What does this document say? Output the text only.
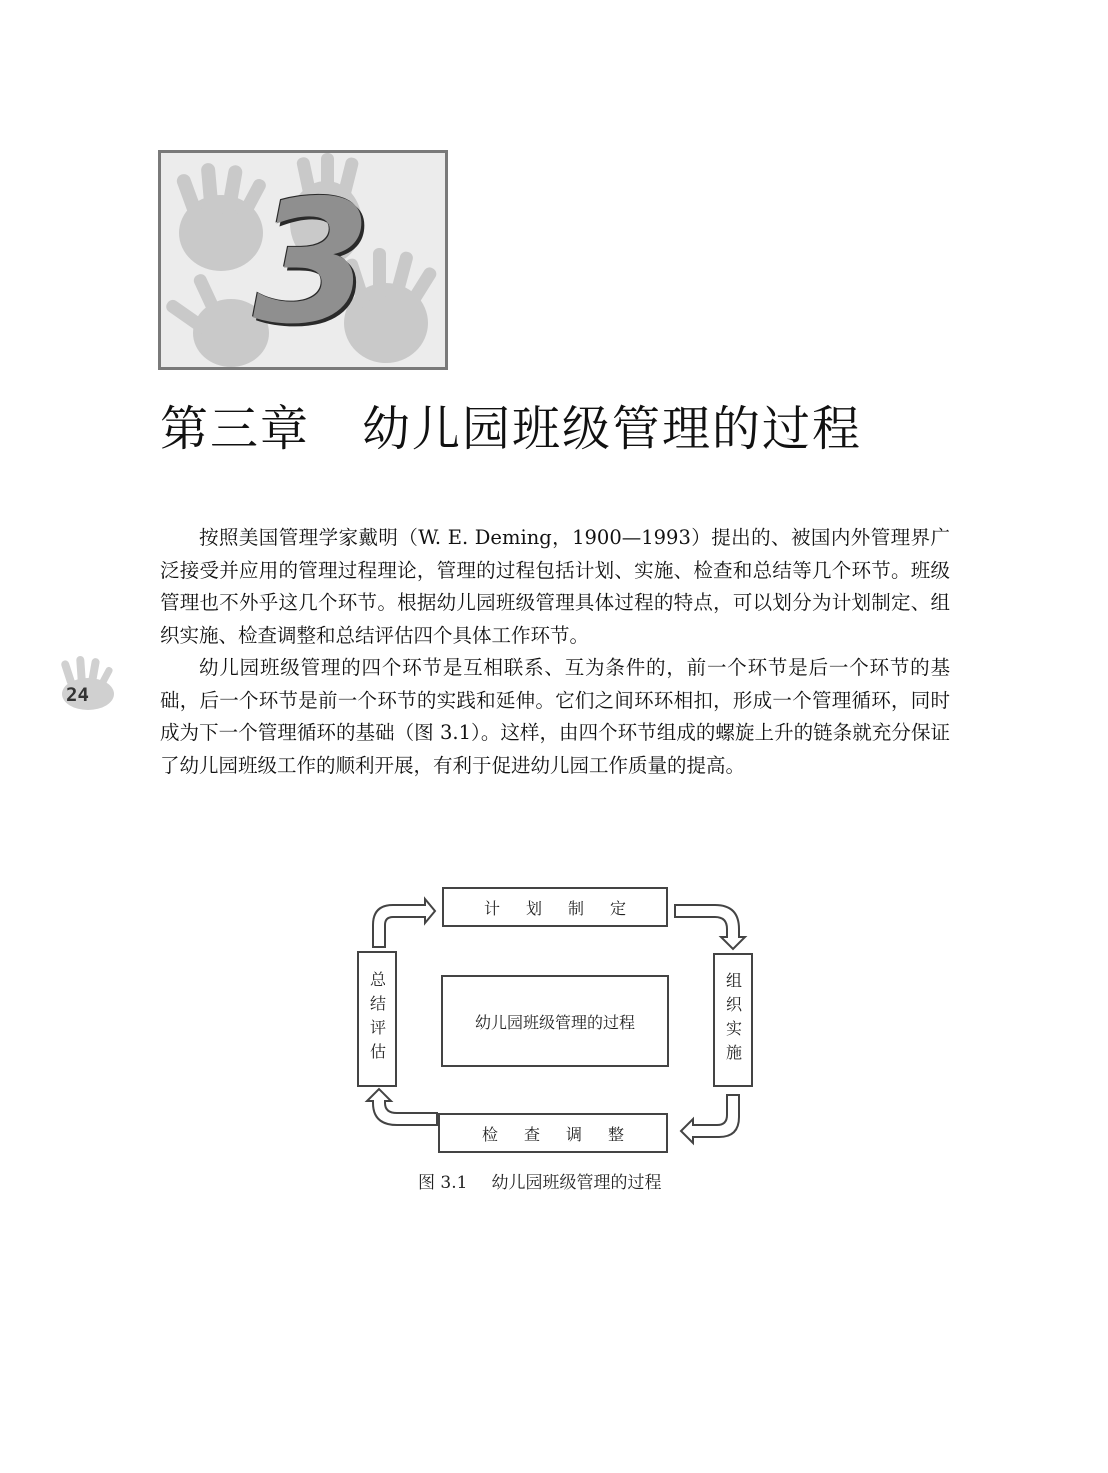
3
第三章 幼儿园班级管理的过程

按照美国管理学家戴明（W. E. Deming，1900—1993）提出的、被国内外管理界广泛接受并应用的管理过程理论，管理的过程包括计划、实施、检查和总结等几个环节。班级管理也不外乎这几个环节。根据幼儿园班级管理具体过程的特点，可以划分为计划制定、组织实施、检查调整和总结评估四个具体工作环节。

幼儿园班级管理的四个环节是互相联系、互为条件的，前一个环节是后一个环节的基础，后一个环节是前一个环节的实践和延伸。它们之间环环相扣，形成一个管理循环，同时成为下一个管理循环的基础（图 3.1）。这样，由四个环节组成的螺旋上升的链条就充分保证了幼儿园班级工作的顺利开展，有利于促进幼儿园工作质量的提高。

24
计划制定
组织实施
检查调整
总结评估	幼儿园班级管理的过程
图 3.1 幼儿园班级管理的过程
